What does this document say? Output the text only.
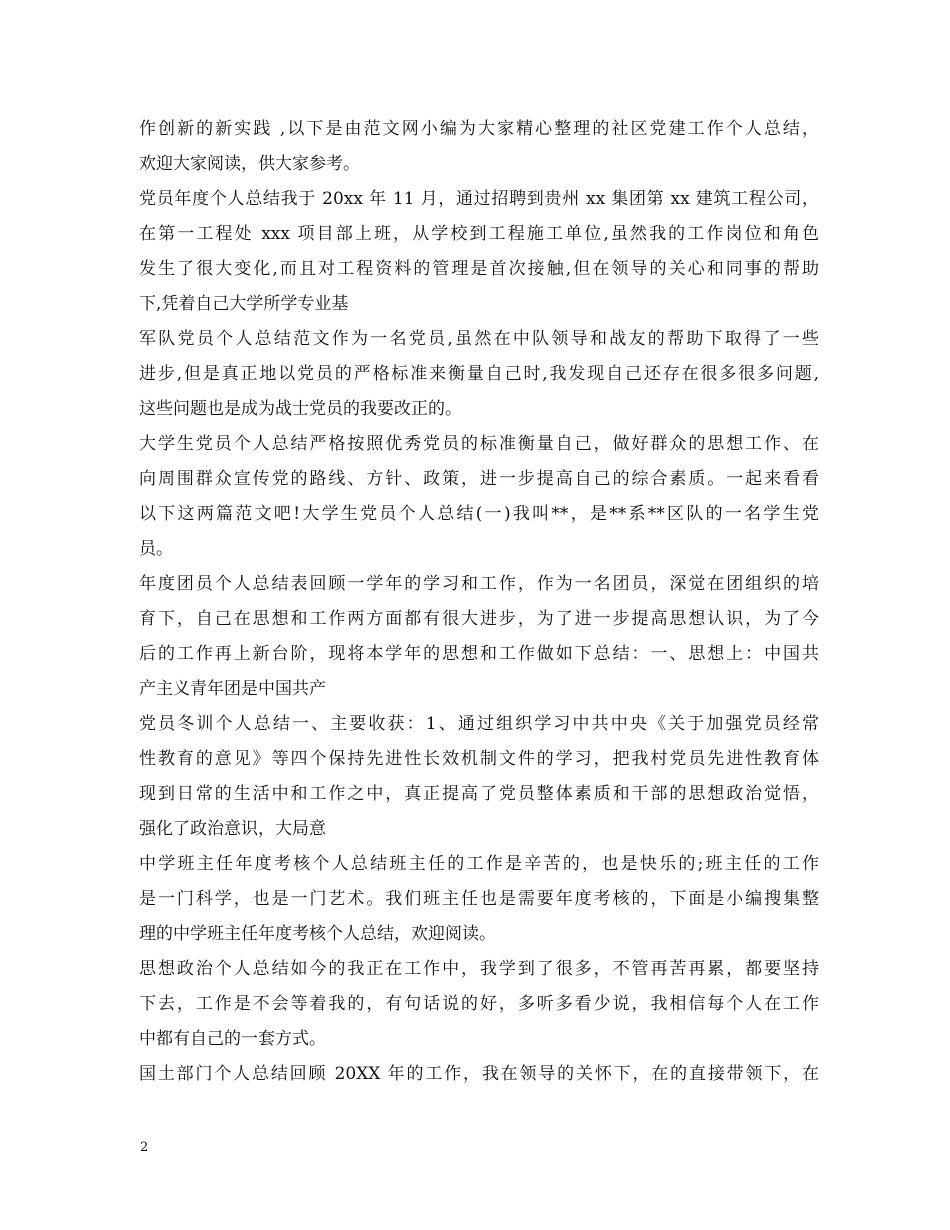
作创新的新实践 ,以下是由范文网小编为大家精心整理的社区党建工作个人总结，
欢迎大家阅读，供大家参考。
党员年度个人总结我于 20xx 年 11 月，通过招聘到贵州 xx 集团第 xx 建筑工程公司，
在第一工程处 xxx 项目部上班，从学校到工程施工单位,虽然我的工作岗位和角色
发生了很大变化,而且对工程资料的管理是首次接触,但在领导的关心和同事的帮助
下,凭着自己大学所学专业基
军队党员个人总结范文作为一名党员,虽然在中队领导和战友的帮助下取得了一些
进步,但是真正地以党员的严格标准来衡量自己时,我发现自己还存在很多很多问题,
这些问题也是成为战士党员的我要改正的。
大学生党员个人总结严格按照优秀党员的标准衡量自己，做好群众的思想工作、在
向周围群众宣传党的路线、方针、政策，进一步提高自己的综合素质。一起来看看
以下这两篇范文吧!大学生党员个人总结(一)我叫**，是**系**区队的一名学生党
员。
年度团员个人总结表回顾一学年的学习和工作，作为一名团员，深觉在团组织的培
育下，自己在思想和工作两方面都有很大进步，为了进一步提高思想认识，为了今
后的工作再上新台阶，现将本学年的思想和工作做如下总结：一、思想上：中国共
产主义青年团是中国共产
党员冬训个人总结一、主要收获：1、通过组织学习中共中央《关于加强党员经常
性教育的意见》等四个保持先进性长效机制文件的学习，把我村党员先进性教育体
现到日常的生活中和工作之中，真正提高了党员整体素质和干部的思想政治觉悟，
强化了政治意识，大局意
中学班主任年度考核个人总结班主任的工作是辛苦的，也是快乐的;班主任的工作
是一门科学，也是一门艺术。我们班主任也是需要年度考核的，下面是小编搜集整
理的中学班主任年度考核个人总结，欢迎阅读。
思想政治个人总结如今的我正在工作中，我学到了很多，不管再苦再累，都要坚持
下去，工作是不会等着我的，有句话说的好，多听多看少说，我相信每个人在工作
中都有自己的一套方式。
国土部门个人总结回顾 20XX 年的工作，我在领导的关怀下，在的直接带领下，在
2
